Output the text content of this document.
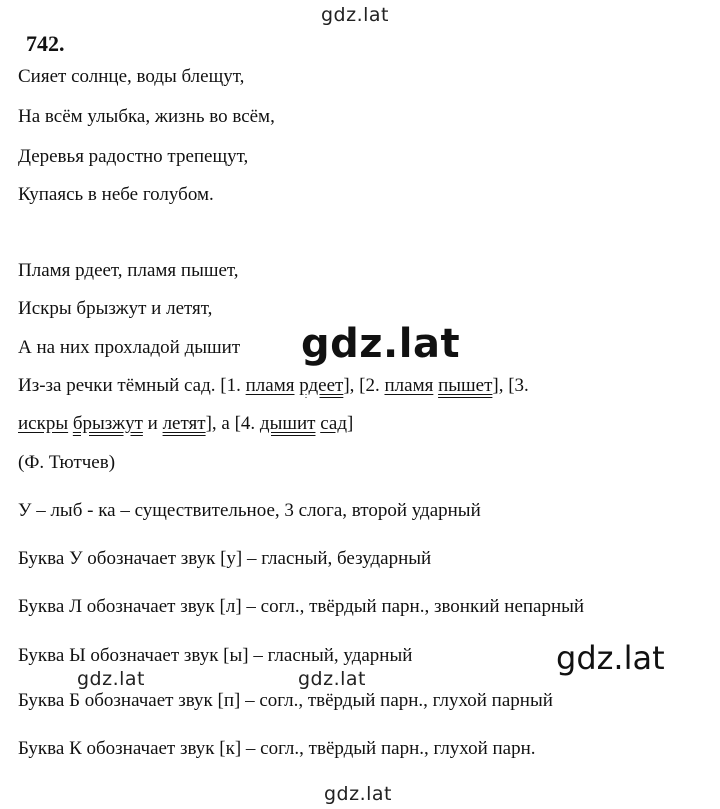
gdz.lat
742.
Сияет солнце, воды блещут,
На всём улыбка, жизнь во всём,
Деревья радостно трепещут,
Купаясь в небе голубом.
Пламя рдеет, пламя пышет,
Искры брызжут и летят,
А на них прохладой дышит gdz.lat
Из-за речки тёмный сад. [1. пламя рдеет], [2. пламя пышет], [3.
искры брызжут и летят], а [4. дышит сад]
(Ф. Тютчев)
У – лыб - ка – существительное, 3 слога, второй ударный
Буква У обозначает звук [у] – гласный, безударный
Буква Л обозначает звук [л] – согл., твёрдый парн., звонкий непарный
Буква Ы обозначает звук [ы] – гласный, ударный	gdz.lat
gdz.lat	gdz.lat
Буква Б обозначает звук [п] – согл., твёрдый парн., глухой парный
Буква К обозначает звук [к] – согл., твёрдый парн., глухой парн.
gdz.lat
